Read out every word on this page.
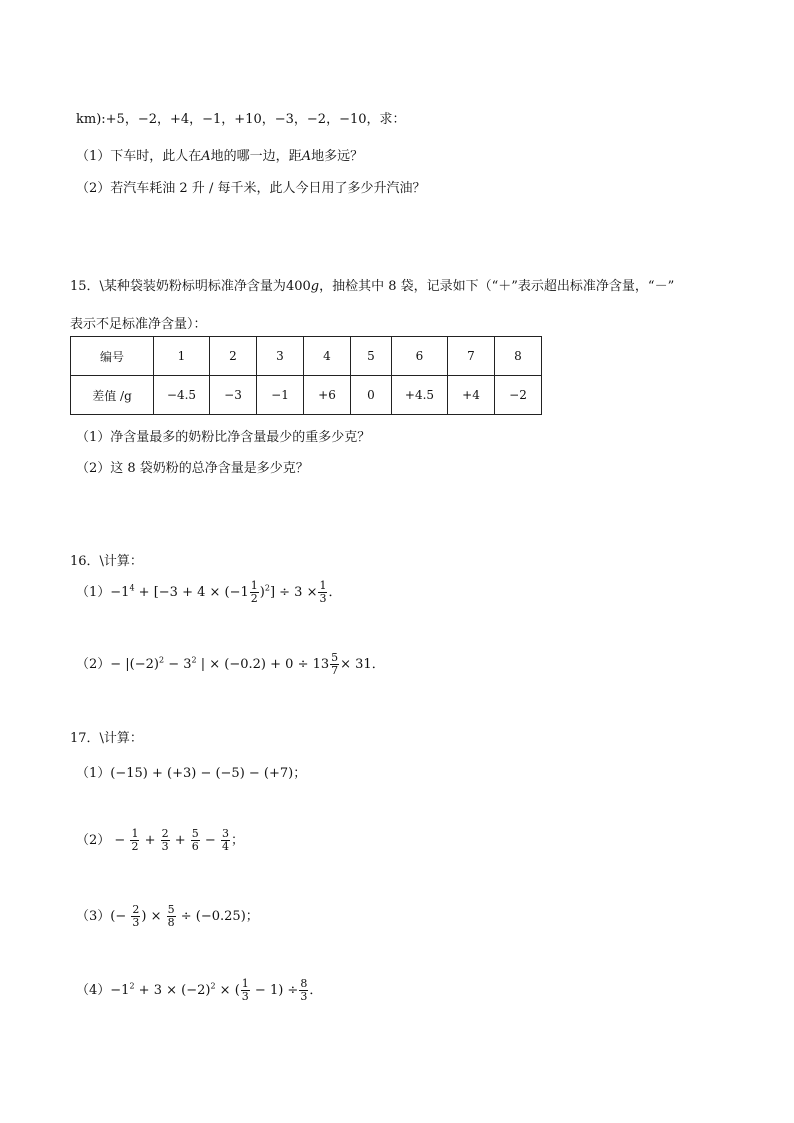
km):+5，−2，+4，−1，+10，−3，−2，−10，求：
（1）下车时，此人在A地的哪一边，距A地多远？
（2）若汽车耗油 2 升 / 每千米，此人今日用了多少升汽油？
15．\某种袋装奶粉标明标准净含量为400g，抽检其中 8 袋，记录如下（“＋”表示超出标准净含量，“－”
表示不足标准净含量）：
编号	1	2	3	4	5	6	7	8
差值 /g	−4.5	−3	−1	+6	0	+4.5	+4	−2
（1）净含量最多的奶粉比净含量最少的重多少克？
（2）这 8 袋奶粉的总净含量是多少克？
16．\计算：
$(1)-1^4 + [-3 + 4 \times (-1 \frac{1}{2} )^2] \div 3 \times \frac{1}{3}$ ．
$(2)- |(-2)^2 - 3^2$ | × $(-0.2) + 0 \div 13 \frac{5}{7} \times 31$．
17．\计算：
（1）(−15) + (+3) − (−5) − (+7)；
$(2) - \frac{1}{2} + \frac{2}{3} + \frac{5}{6} - \frac{3}{4}$ ；
$(3)(- \frac{2}{3}$ ) × $\frac{5}{8} \div (-0.25)$；
$(4)-1^2 + 3 \times (-2)^2$ × ( $\frac{1}{3} - 1) \div \frac{8}{3}$ ．
